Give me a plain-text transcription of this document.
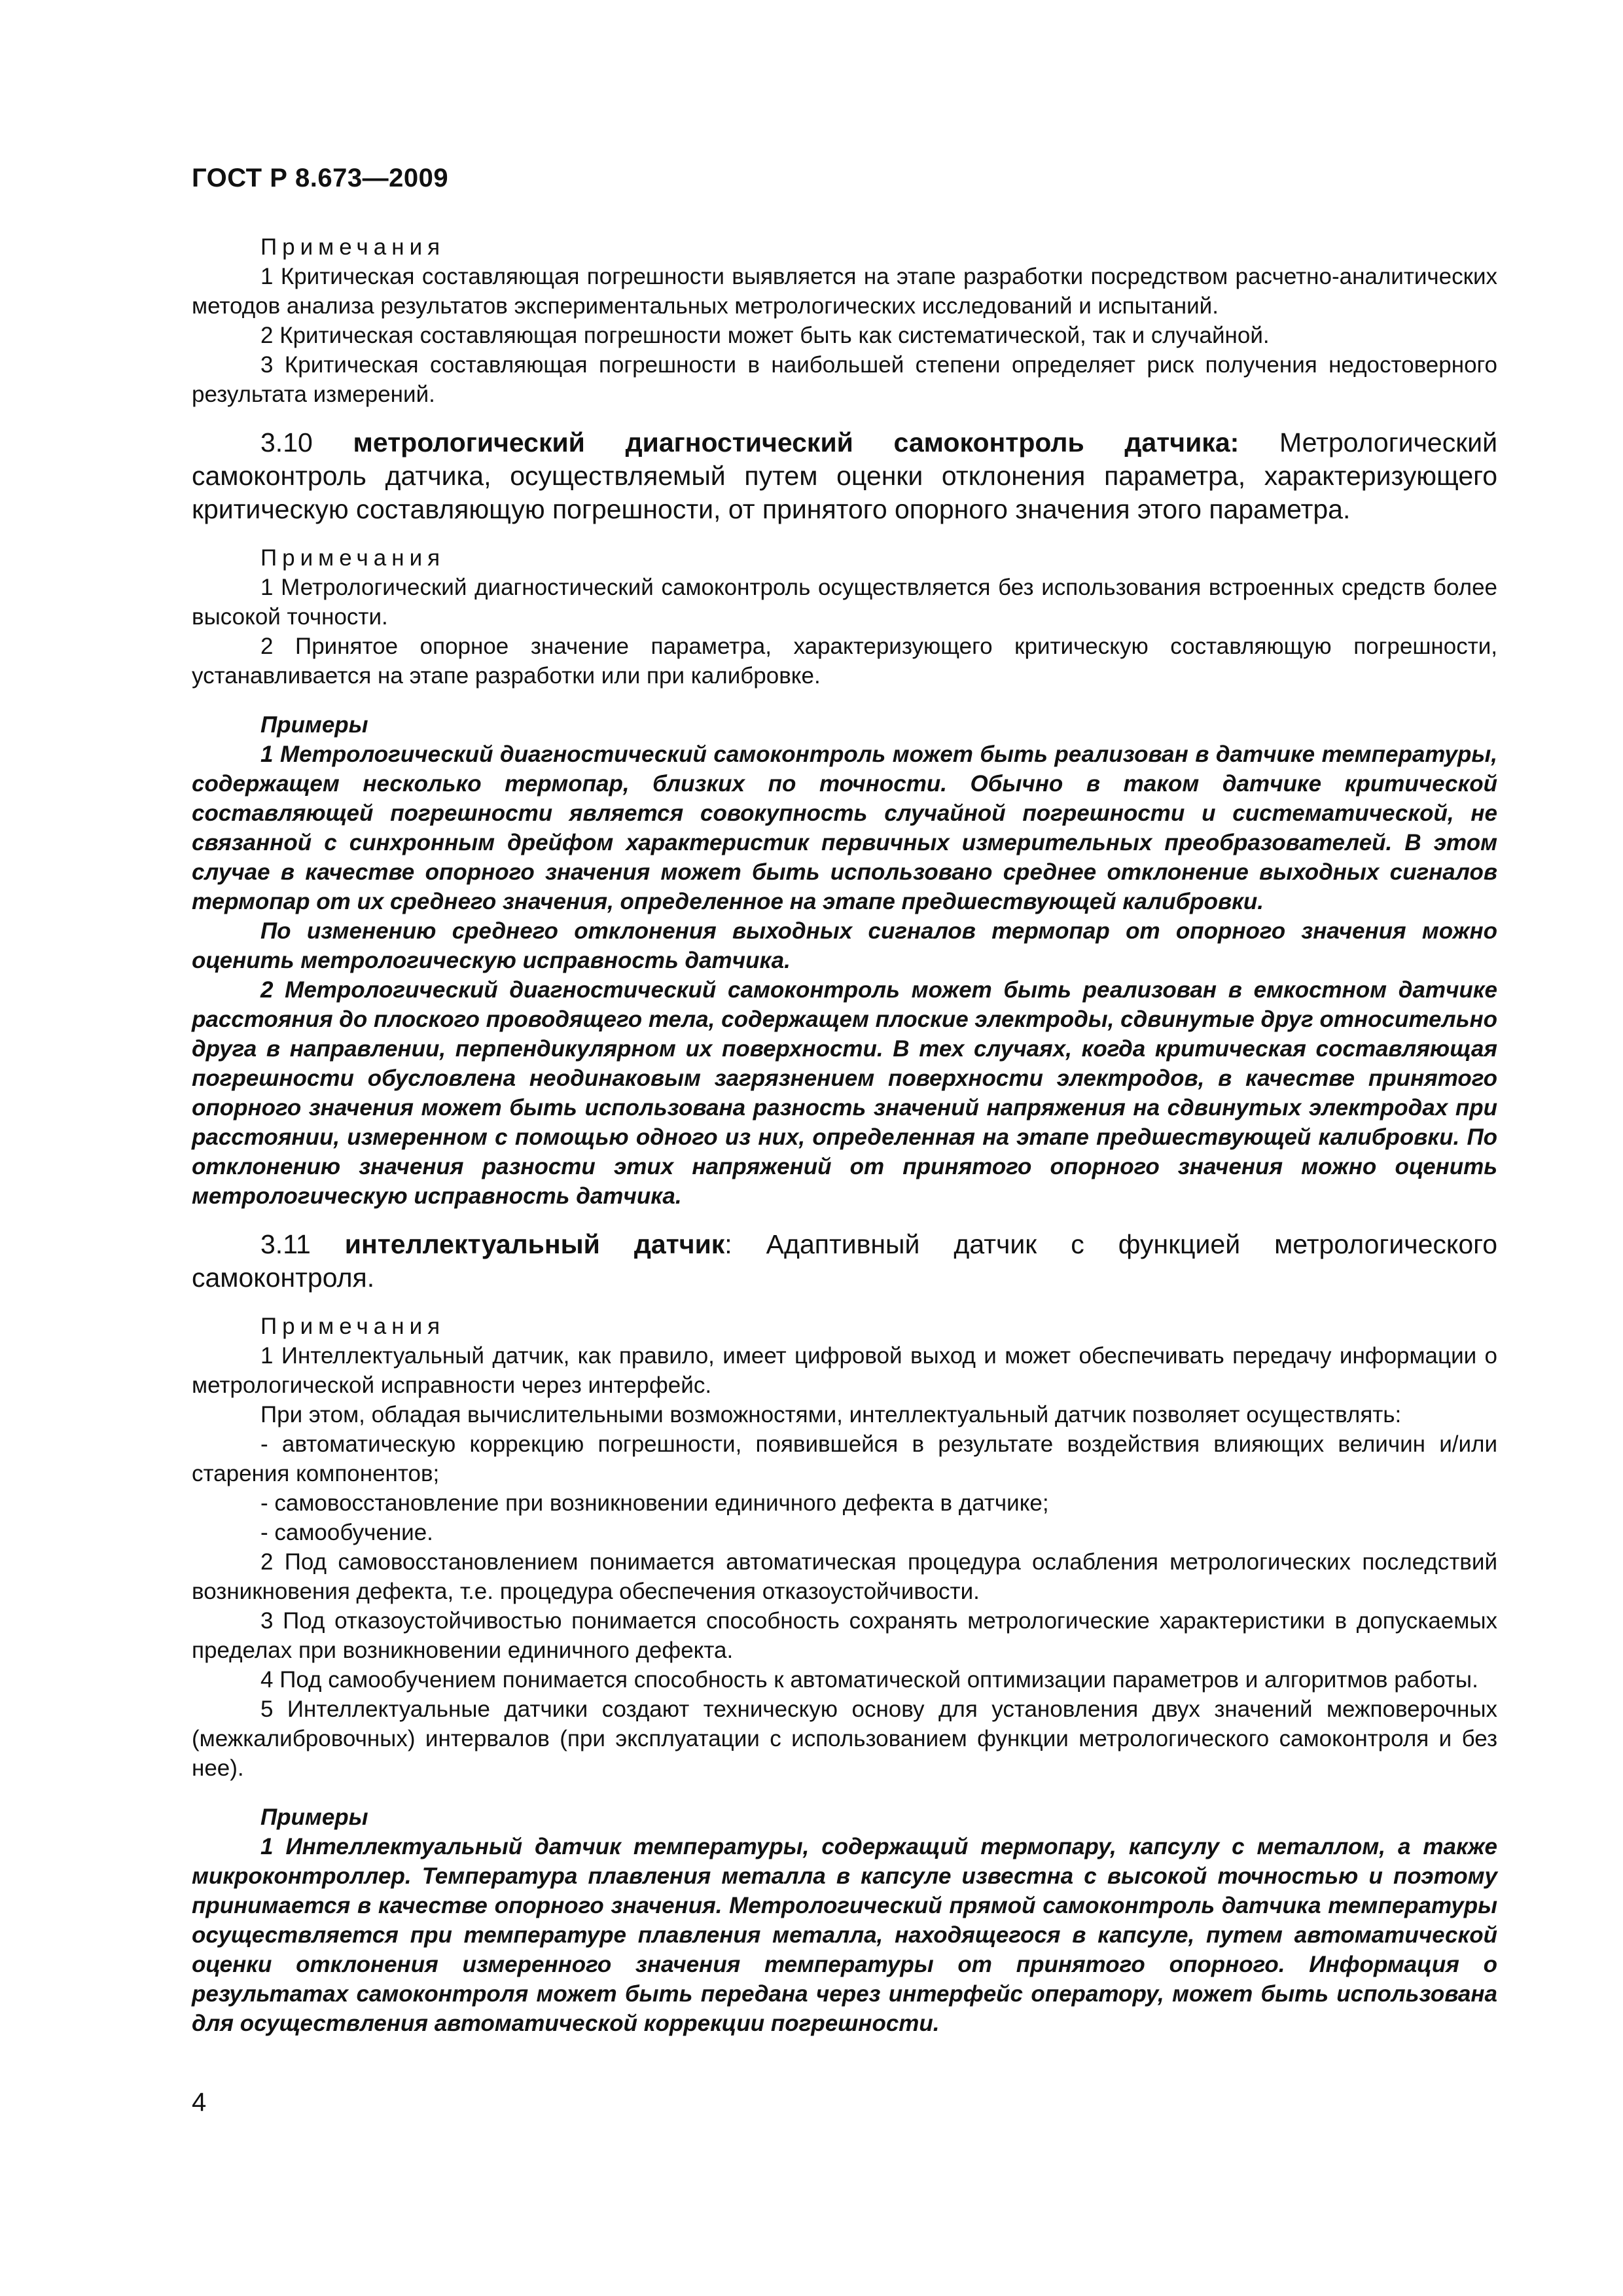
ГОСТ Р 8.673—2009

Примечания

1 Критическая составляющая погрешности выявляется на этапе разработки посредством расчетно-аналитических методов анализа результатов экспериментальных метрологических исследований и испытаний.

2 Критическая составляющая погрешности может быть как систематической, так и случайной.

3 Критическая составляющая погрешности в наибольшей степени определяет риск получения недостоверного результата измерений.

3.10 метрологический диагностический самоконтроль датчика: Метрологический самоконтроль датчика, осуществляемый путем оценки отклонения параметра, характеризующего критическую составляющую погрешности, от принятого опорного значения этого параметра.

Примечания

1 Метрологический диагностический самоконтроль осуществляется без использования встроенных средств более высокой точности.

2 Принятое опорное значение параметра, характеризующего критическую составляющую погрешности, устанавливается на этапе разработки или при калибровке.

Примеры

1 Метрологический диагностический самоконтроль может быть реализован в датчике температуры, содержащем несколько термопар, близких по точности. Обычно в таком датчике критической составляющей погрешности является совокупность случайной погрешности и систематической, не связанной с синхронным дрейфом характеристик первичных измерительных преобразователей. В этом случае в качестве опорного значения может быть использовано среднее отклонение выходных сигналов термопар от их среднего значения, определенное на этапе предшествующей калибровки.

По изменению среднего отклонения выходных сигналов термопар от опорного значения можно оценить метрологическую исправность датчика.

2 Метрологический диагностический самоконтроль может быть реализован в емкостном датчике расстояния до плоского проводящего тела, содержащем плоские электроды, сдвинутые друг относительно друга в направлении, перпендикулярном их поверхности. В тех случаях, когда критическая составляющая погрешности обусловлена неодинаковым загрязнением поверхности электродов, в качестве принятого опорного значения может быть использована разность значений напряжения на сдвинутых электродах при расстоянии, измеренном с помощью одного из них, определенная на этапе предшествующей калибровки. По отклонению значения разности этих напряжений от принятого опорного значения можно оценить метрологическую исправность датчика.

3.11 интеллектуальный датчик: Адаптивный датчик с функцией метрологического самоконтроля.

Примечания

1 Интеллектуальный датчик, как правило, имеет цифровой выход и может обеспечивать передачу информации о метрологической исправности через интерфейс.

При этом, обладая вычислительными возможностями, интеллектуальный датчик позволяет осуществлять:

- автоматическую коррекцию погрешности, появившейся в результате воздействия влияющих величин и/или старения компонентов;

- самовосстановление при возникновении единичного дефекта в датчике;

- самообучение.

2 Под самовосстановлением понимается автоматическая процедура ослабления метрологических последствий возникновения дефекта, т.е. процедура обеспечения отказоустойчивости.

3 Под отказоустойчивостью понимается способность сохранять метрологические характеристики в допускаемых пределах при возникновении единичного дефекта.

4 Под самообучением понимается способность к автоматической оптимизации параметров и алгоритмов работы.

5 Интеллектуальные датчики создают техническую основу для установления двух значений межповерочных (межкалибровочных) интервалов (при эксплуатации с использованием функции метрологического самоконтроля и без нее).

Примеры

1 Интеллектуальный датчик температуры, содержащий термопару, капсулу с металлом, а также микроконтроллер. Температура плавления металла в капсуле известна с высокой точностью и поэтому принимается в качестве опорного значения. Метрологический прямой самоконтроль датчика температуры осуществляется при температуре плавления металла, находящегося в капсуле, путем автоматической оценки отклонения измеренного значения температуры от принятого опорного. Информация о результатах самоконтроля может быть передана через интерфейс оператору, может быть использована для осуществления автоматической коррекции погрешности.

4
